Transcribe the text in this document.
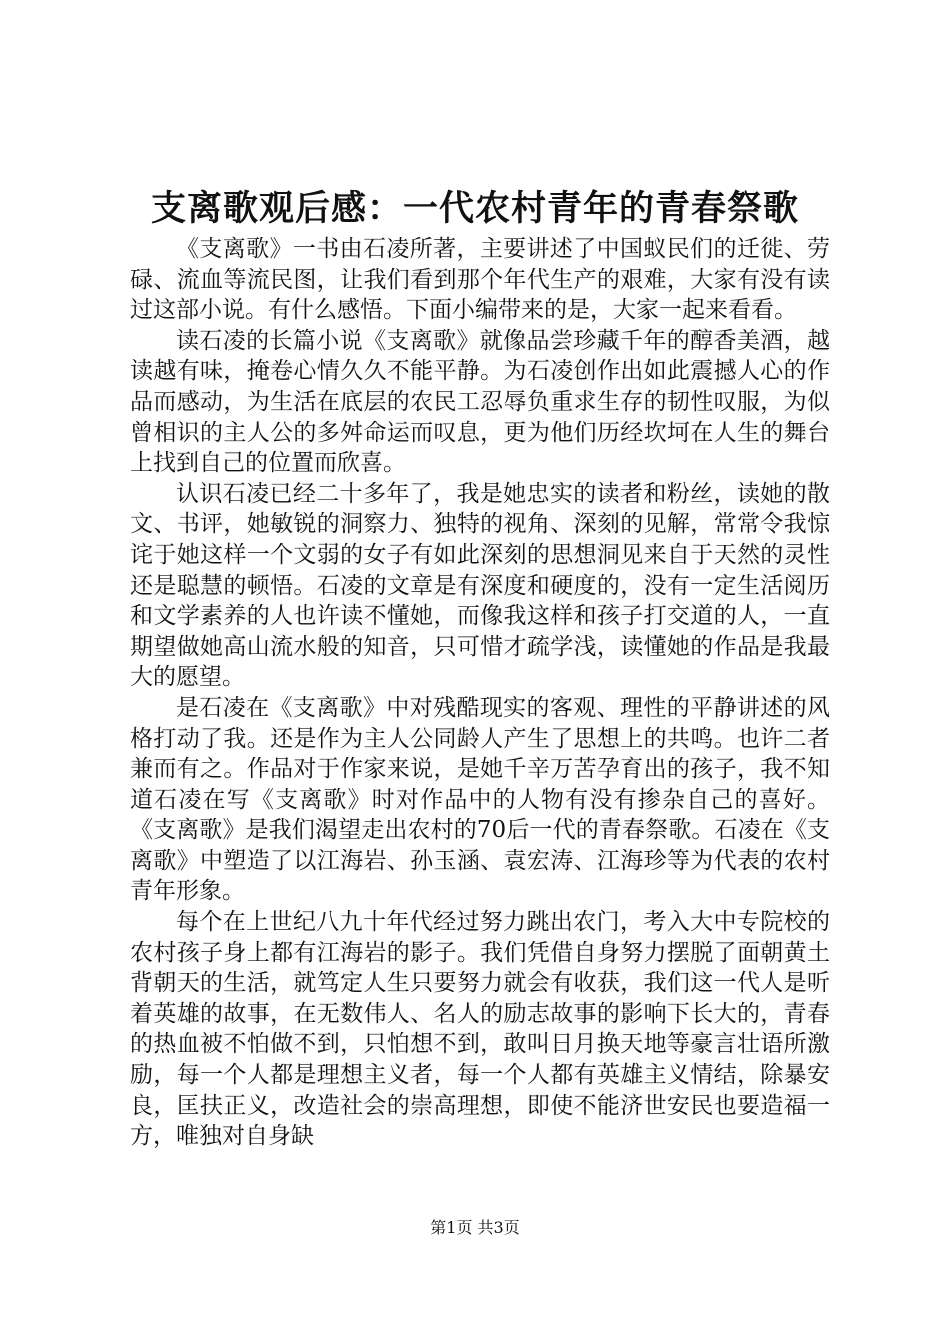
支离歌观后感：一代农村青年的青春祭歌

《支离歌》一书由石凌所著，主要讲述了中国蚁民们的迁徙、劳碌、流血等流民图，让我们看到那个年代生产的艰难，大家有没有读过这部小说。有什么感悟。下面小编带来的是，大家一起来看看。

读石凌的长篇小说《支离歌》就像品尝珍藏千年的醇香美酒，越读越有味，掩卷心情久久不能平静。为石凌创作出如此震撼人心的作品而感动，为生活在底层的农民工忍辱负重求生存的韧性叹服，为似曾相识的主人公的多舛命运而叹息，更为他们历经坎坷在人生的舞台上找到自己的位置而欣喜。

认识石凌已经二十多年了，我是她忠实的读者和粉丝，读她的散文、书评，她敏锐的洞察力、独特的视角、深刻的见解，常常令我惊诧于她这样一个文弱的女子有如此深刻的思想洞见来自于天然的灵性还是聪慧的顿悟。石凌的文章是有深度和硬度的，没有一定生活阅历和文学素养的人也许读不懂她，而像我这样和孩子打交道的人，一直期望做她高山流水般的知音，只可惜才疏学浅，读懂她的作品是我最大的愿望。

是石凌在《支离歌》中对残酷现实的客观、理性的平静讲述的风格打动了我。还是作为主人公同龄人产生了思想上的共鸣。也许二者兼而有之。作品对于作家来说，是她千辛万苦孕育出的孩子，我不知道石凌在写《支离歌》时对作品中的人物有没有掺杂自己的喜好。《支离歌》是我们渴望走出农村的70后一代的青春祭歌。石凌在《支离歌》中塑造了以江海岩、孙玉涵、袁宏涛、江海珍等为代表的农村青年形象。

每个在上世纪八九十年代经过努力跳出农门，考入大中专院校的农村孩子身上都有江海岩的影子。我们凭借自身努力摆脱了面朝黄土背朝天的生活，就笃定人生只要努力就会有收获，我们这一代人是听着英雄的故事，在无数伟人、名人的励志故事的影响下长大的，青春的热血被不怕做不到，只怕想不到，敢叫日月换天地等豪言壮语所激励，每一个人都是理想主义者，每一个人都有英雄主义情结，除暴安良，匡扶正义，改造社会的崇高理想，即使不能济世安民也要造福一方，唯独对自身缺

第1页 共3页
